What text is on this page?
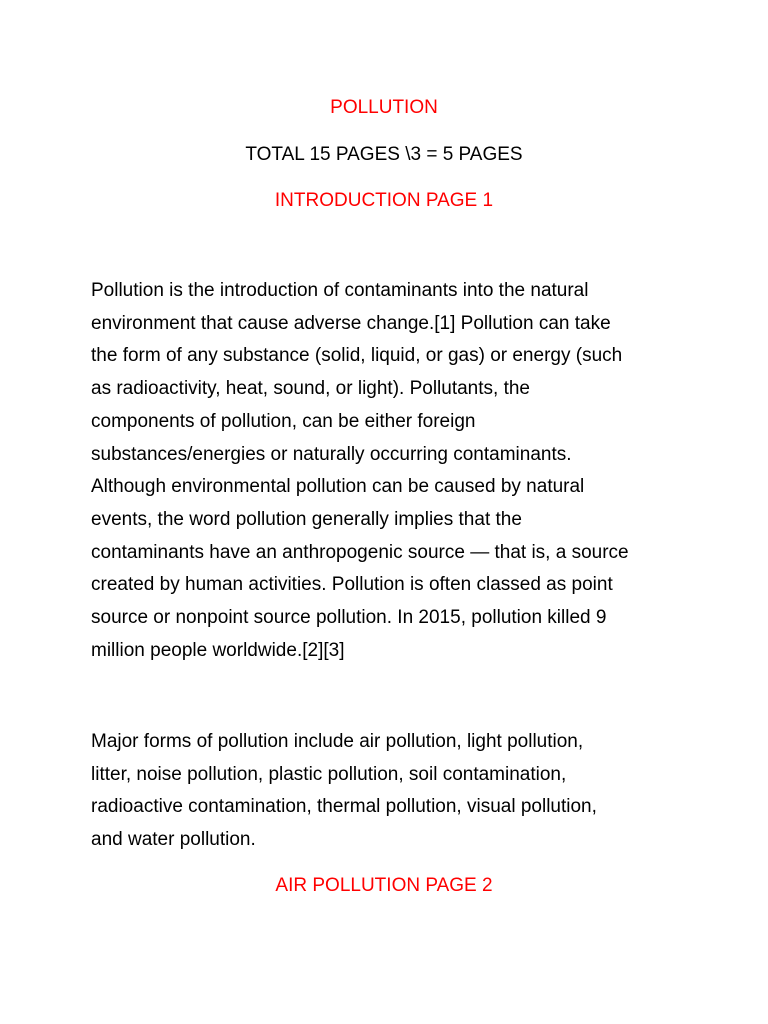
POLLUTION

TOTAL 15 PAGES \3 = 5 PAGES

INTRODUCTION PAGE 1

Pollution is the introduction of contaminants into the natural
environment that cause adverse change.[1] Pollution can take
the form of any substance (solid, liquid, or gas) or energy (such
as radioactivity, heat, sound, or light). Pollutants, the
components of pollution, can be either foreign
substances/energies or naturally occurring contaminants.
Although environmental pollution can be caused by natural
events, the word pollution generally implies that the
contaminants have an anthropogenic source — that is, a source
created by human activities. Pollution is often classed as point
source or nonpoint source pollution. In 2015, pollution killed 9
million people worldwide.[2][3]

Major forms of pollution include air pollution, light pollution,
litter, noise pollution, plastic pollution, soil contamination,
radioactive contamination, thermal pollution, visual pollution,
and water pollution.

AIR POLLUTION PAGE 2
